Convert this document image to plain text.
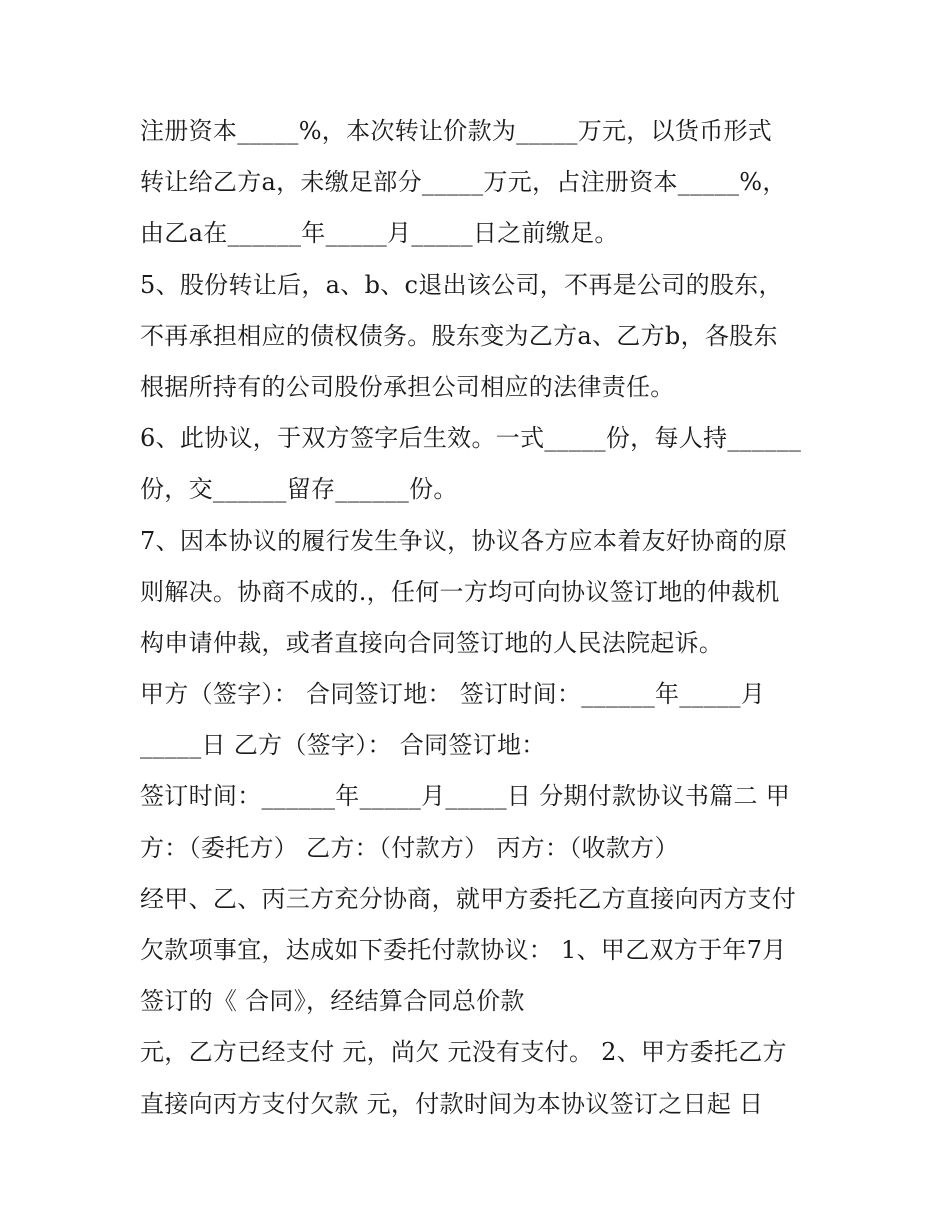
注册资本_____%，本次转让价款为_____万元，以货币形式
转让给乙方a，未缴足部分_____万元，占注册资本_____%，
由乙a在______年_____月_____日之前缴足。
5、股份转让后，a、b、c退出该公司，不再是公司的股东，
不再承担相应的债权债务。股东变为乙方a、乙方b，各股东
根据所持有的公司股份承担公司相应的法律责任。
6、此协议，于双方签字后生效。一式_____份，每人持______
份，交______留存______份。
7、因本协议的履行发生争议，协议各方应本着友好协商的原
则解决。协商不成的.，任何一方均可向协议签订地的仲裁机
构申请仲裁，或者直接向合同签订地的人民法院起诉。
甲方（签字）： 合同签订地： 签订时间：______年_____月
_____日 乙方（签字）： 合同签订地：
签订时间：______年_____月_____日 分期付款协议书篇二 甲
方：（委托方） 乙方：（付款方） 丙方：（收款方）
经甲、乙、丙三方充分协商，就甲方委托乙方直接向丙方支付
欠款项事宜，达成如下委托付款协议： 1、甲乙双方于年7月
签订的《 合同》，经结算合同总价款
元，乙方已经支付 元，尚欠 元没有支付。 2、甲方委托乙方
直接向丙方支付欠款 元，付款时间为本协议签订之日起 日
